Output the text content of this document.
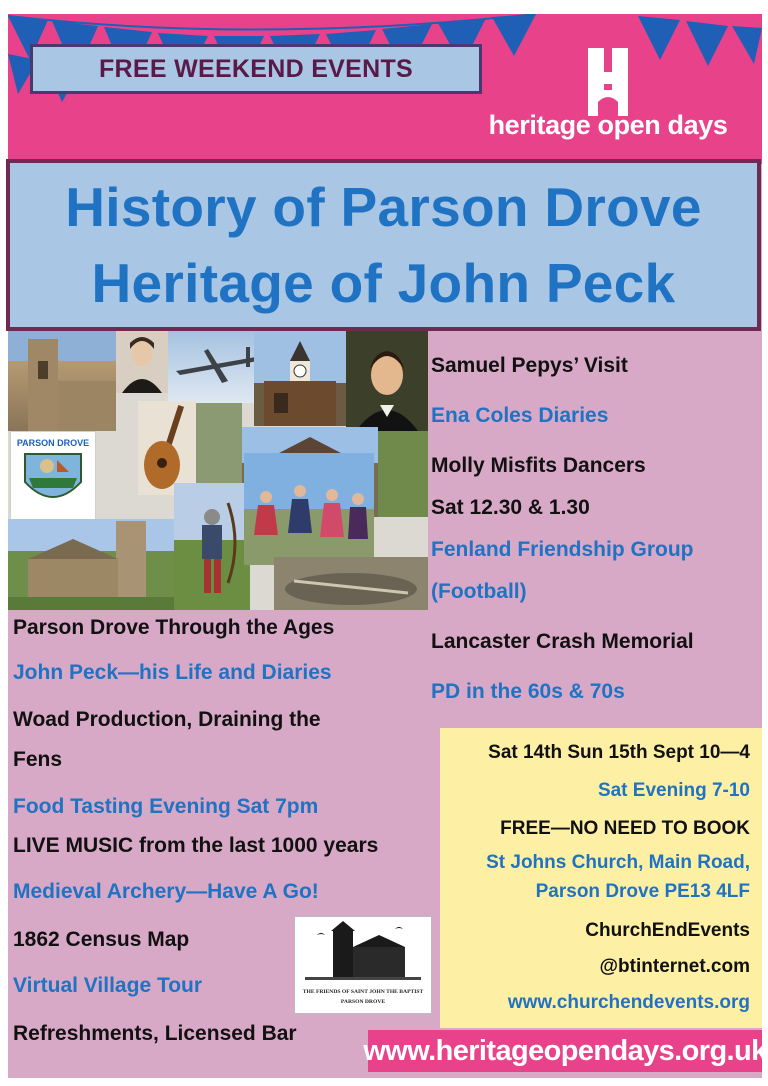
FREE WEEKEND EVENTS
heritage open days
History of Parson Drove
Heritage of John Peck
PARSON DROVE
Parson Drove Through the Ages
John Peck—his Life and Diaries
Woad Production, Draining the
Fens
Food Tasting Evening Sat 7pm
LIVE MUSIC from the last 1000 years
Medieval Archery—Have A Go!
1862 Census Map
Virtual Village Tour
Refreshments, Licensed Bar
Samuel Pepys’ Visit
Ena Coles Diaries
Molly Misfits Dancers
Sat 12.30 & 1.30
Fenland Friendship Group
(Football)
Lancaster Crash Memorial
PD in the 60s & 70s
Sat 14th Sun 15th Sept 10—4
Sat Evening 7-10
FREE—NO NEED TO BOOK
St Johns Church, Main Road,
Parson Drove PE13 4LF
ChurchEndEvents
@btinternet.com
www.churchendevents.org
THE FRIENDS OF SAINT JOHN THE BAPTIST
PARSON DROVE
www.heritageopendays.org.uk
